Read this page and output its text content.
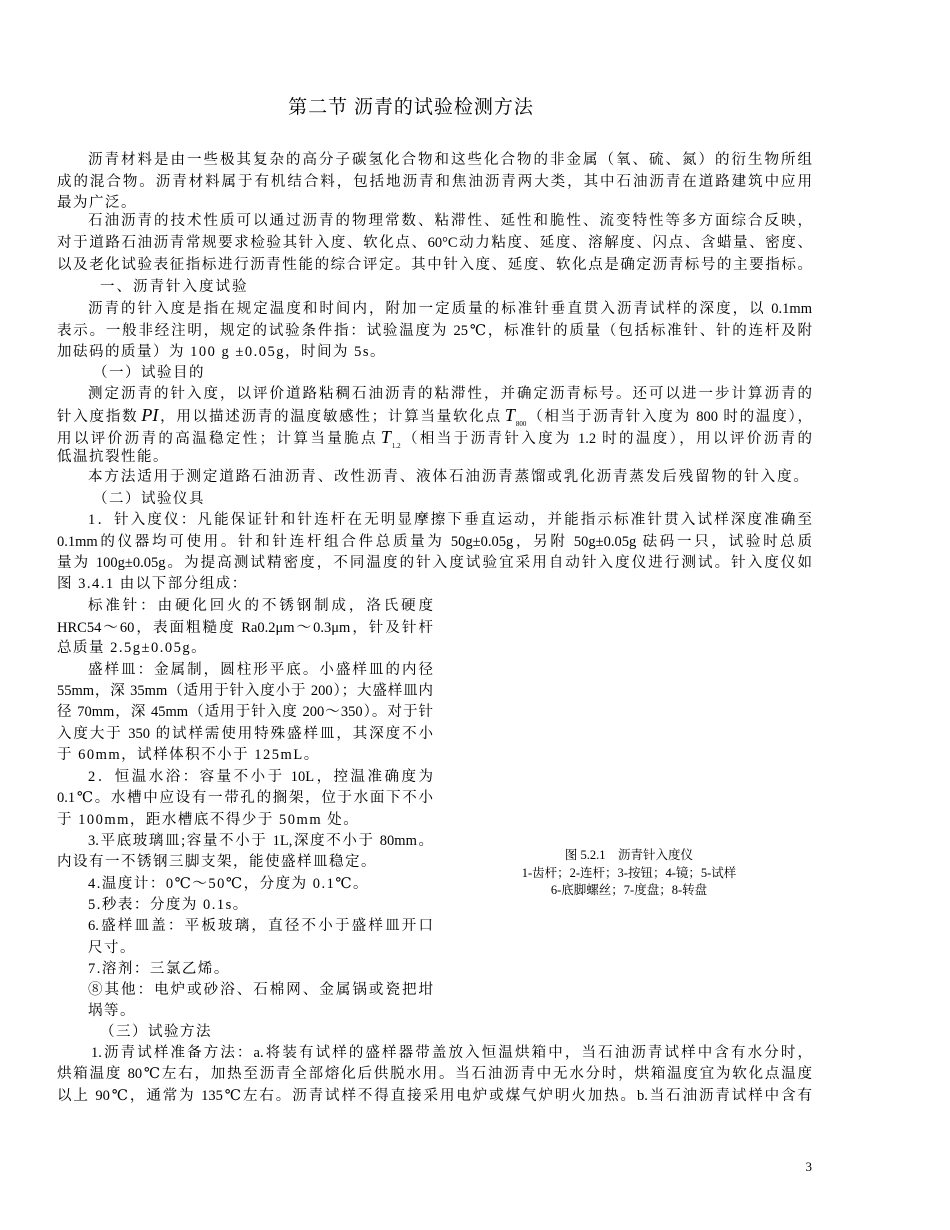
第二节 沥青的试验检测方法
沥青材料是由一些极其复杂的高分子碳氢化合物和这些化合物的非金属（氧、硫、氮）的衍生物所组
成的混合物。沥青材料属于有机结合料，包括地沥青和焦油沥青两大类，其中石油沥青在道路建筑中应用
最为广泛。
石油沥青的技术性质可以通过沥青的物理常数、粘滞性、延性和脆性、流变特性等多方面综合反映，
对于道路石油沥青常规要求检验其针入度、软化点、60°C动力粘度、延度、溶解度、闪点、含蜡量、密度、
以及老化试验表征指标进行沥青性能的综合评定。其中针入度、延度、软化点是确定沥青标号的主要指标。
一、沥青针入度试验
沥青的针入度是指在规定温度和时间内，附加一定质量的标准针垂直贯入沥青试样的深度，以 0.1mm
表示。一般非经注明，规定的试验条件指：试验温度为 25℃，标准针的质量（包括标准针、针的连杆及附
加砝码的质量）为 100 g ±0.05g，时间为 5s。
（一）试验目的
测定沥青的针入度，以评价道路粘稠石油沥青的粘滞性，并确定沥青标号。还可以进一步计算沥青的
针入度指数 PI，用以描述沥青的温度敏感性；计算当量软化点 $T_{800}$（相当于沥青针入度为 800 时的温度），
用以评价沥青的高温稳定性；计算当量脆点 $T_{1.2}$（相当于沥青针入度为 1.2 时的温度），用以评价沥青的
低温抗裂性能。
本方法适用于测定道路石油沥青、改性沥青、液体石油沥青蒸馏或乳化沥青蒸发后残留物的针入度。
（二）试验仪具
1．针入度仪：凡能保证针和针连杆在无明显摩擦下垂直运动，并能指示标准针贯入试样深度准确至
0.1mm的仪器均可使用。针和针连杆组合件总质量为 50g±0.05g，另附 50g±0.05g 砝码一只，试验时总质
量为 100g±0.05g。为提高测试精密度，不同温度的针入度试验宜采用自动针入度仪进行测试。针入度仪如
图 3.4.1 由以下部分组成：
标准针：由硬化回火的不锈钢制成，洛氏硬度
HRC54～60，表面粗糙度 Ra0.2μm～0.3μm，针及针杆
总质量 2.5g±0.05g。
盛样皿：金属制，圆柱形平底。小盛样皿的内径
55mm，深 35mm（适用于针入度小于 200）；大盛样皿内
径 70mm，深 45mm（适用于针入度 200～350）。对于针
入度大于 350 的试样需使用特殊盛样皿，其深度不小
于 60mm，试样体积不小于 125mL。
2．恒温水浴：容量不小于 10L，控温准确度为
0.1℃。水槽中应设有一带孔的搁架，位于水面下不小
于 100mm，距水槽底不得少于 50mm 处。
3.平底玻璃皿;容量不小于 1L,深度不小于 80mm。
内设有一不锈钢三脚支架，能使盛样皿稳定。
4.温度计：0℃～50℃，分度为 0.1℃。
5.秒表：分度为 0.1s。
6.盛样皿盖：平板玻璃，直径不小于盛样皿开口
尺寸。
7.溶剂：三氯乙烯。
⑧其他：电炉或砂浴、石棉网、金属锅或瓷把坩
埚等。
图 5.2.1　沥青针入度仪
1-齿杆；2-连杆；3-按钮；4-镜；5-试样
6-底脚螺丝；7-度盘；8-转盘
（三）试验方法
1.沥青试样准备方法：a.将装有试样的盛样器带盖放入恒温烘箱中，当石油沥青试样中含有水分时，
烘箱温度 80℃左右，加热至沥青全部熔化后供脱水用。当石油沥青中无水分时，烘箱温度宜为软化点温度
以上 90℃，通常为 135℃左右。沥青试样不得直接采用电炉或煤气炉明火加热。b.当石油沥青试样中含有
3
